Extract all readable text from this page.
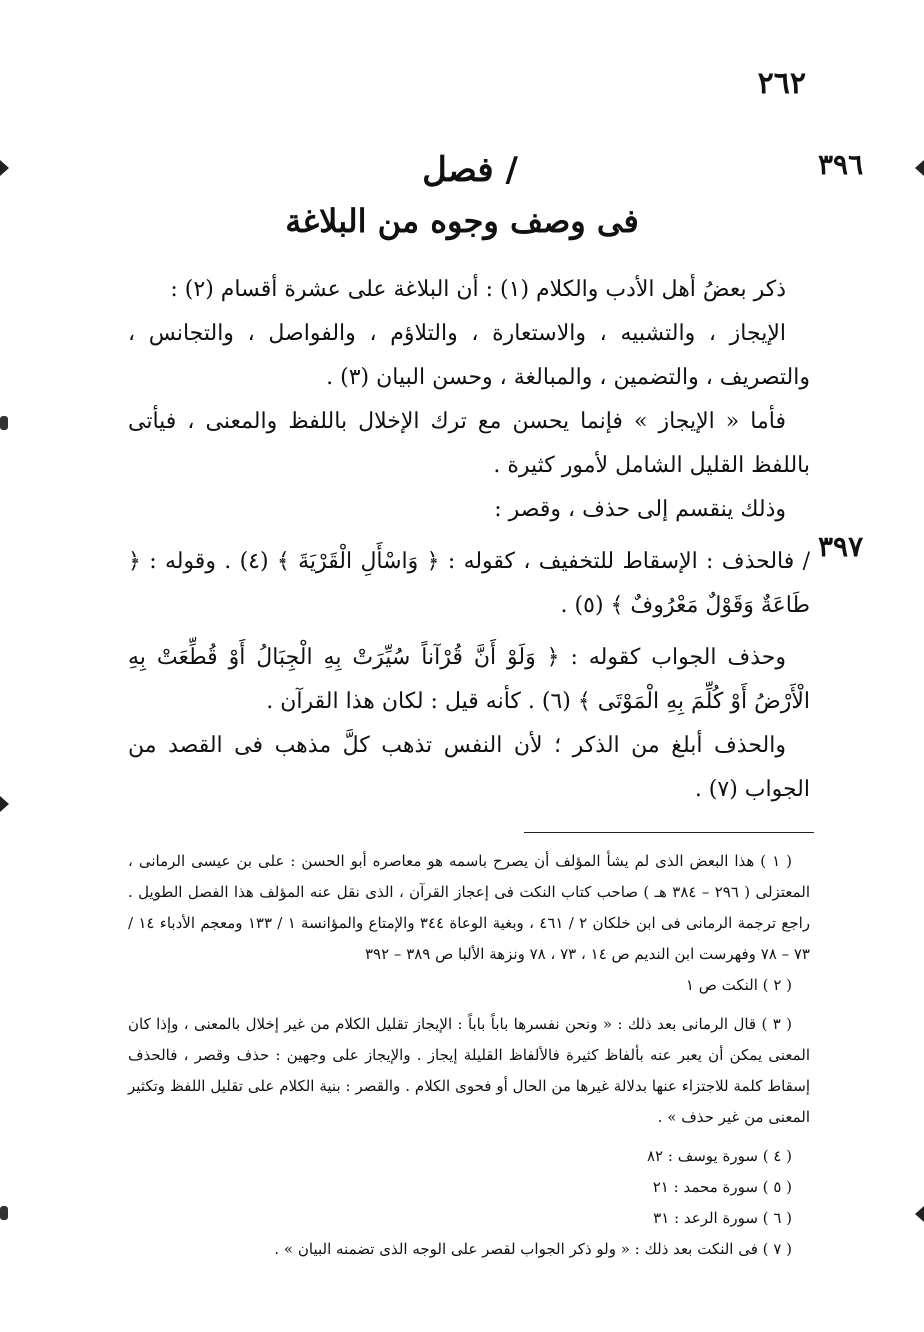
٢٦٢
٣٩٦
٣٩٧
/ فصل
فى وصف وجوه من البلاغة

ذكر بعضُ أهل الأدب والكلام (١) : أن البلاغة على عشرة أقسام (٢) :

الإيجاز ، والتشبيه ، والاستعارة ، والتلاؤم ، والفواصل ، والتجانس ، والتصريف ، والتضمين ، والمبالغة ، وحسن البيان (٣) .

فأما « الإيجاز » فإنما يحسن مع ترك الإخلال باللفظ والمعنى ، فيأتى باللفظ القليل الشامل لأمور كثيرة .

وذلك ينقسم إلى حذف ، وقصر :

/ فالحذف : الإسقاط للتخفيف ، كقوله : ﴿ وَاسْأَلِ الْقَرْيَةَ ﴾ (٤) . وقوله : ﴿ طَاعَةٌ وَقَوْلٌ مَعْرُوفٌ ﴾ (٥) .

وحذف الجواب كقوله : ﴿ وَلَوْ أَنَّ قُرْآناً سُيِّرَتْ بِهِ الْجِبَالُ أَوْ قُطِّعَتْ بِهِ الْأَرْضُ أَوْ كُلِّمَ بِهِ الْمَوْتَى ﴾ (٦) . كأنه قيل : لكان هذا القرآن .

والحذف أبلغ من الذكر ؛ لأن النفس تذهب كلَّ مذهب فى القصد من الجواب (٧) .

( ١ ) هذا البعض الذى لم يشأ المؤلف أن يصرح باسمه هو معاصره أبو الحسن : على بن عيسى الرمانى ، المعتزلى ( ٢٩٦ – ٣٨٤ هـ ) صاحب كتاب النكت فى إعجاز القرآن ، الذى نقل عنه المؤلف هذا الفصل الطويل . راجع ترجمة الرمانى فى ابن خلكان ٢ / ٤٦١ ، وبغية الوعاة ٣٤٤ والإمتاع والمؤانسة ١ / ١٣٣ ومعجم الأدباء ١٤ / ٧٣ – ٧٨ وفهرست ابن النديم ص ١٤ ، ٧٣ ، ٧٨ ونزهة الألبا ص ٣٨٩ – ٣٩٢

( ٢ ) النكت ص ١

( ٣ ) قال الرمانى بعد ذلك : « ونحن نفسرها باباً باباً : الإيجاز تقليل الكلام من غير إخلال بالمعنى ، وإذا كان المعنى يمكن أن يعبر عنه بألفاظ كثيرة فالألفاظ القليلة إيجاز . والإيجاز على وجهين : حذف وقصر ، فالحذف إسقاط كلمة للاجتزاء عنها بدلالة غيرها من الحال أو فحوى الكلام . والقصر : بنية الكلام على تقليل اللفظ وتكثير المعنى من غير حذف » .

( ٤ ) سورة يوسف : ٨٢

( ٥ ) سورة محمد : ٢١

( ٦ ) سورة الرعد : ٣١

( ٧ ) فى النكت بعد ذلك : « ولو ذكر الجواب لقصر على الوجه الذى تضمنه البيان » .
